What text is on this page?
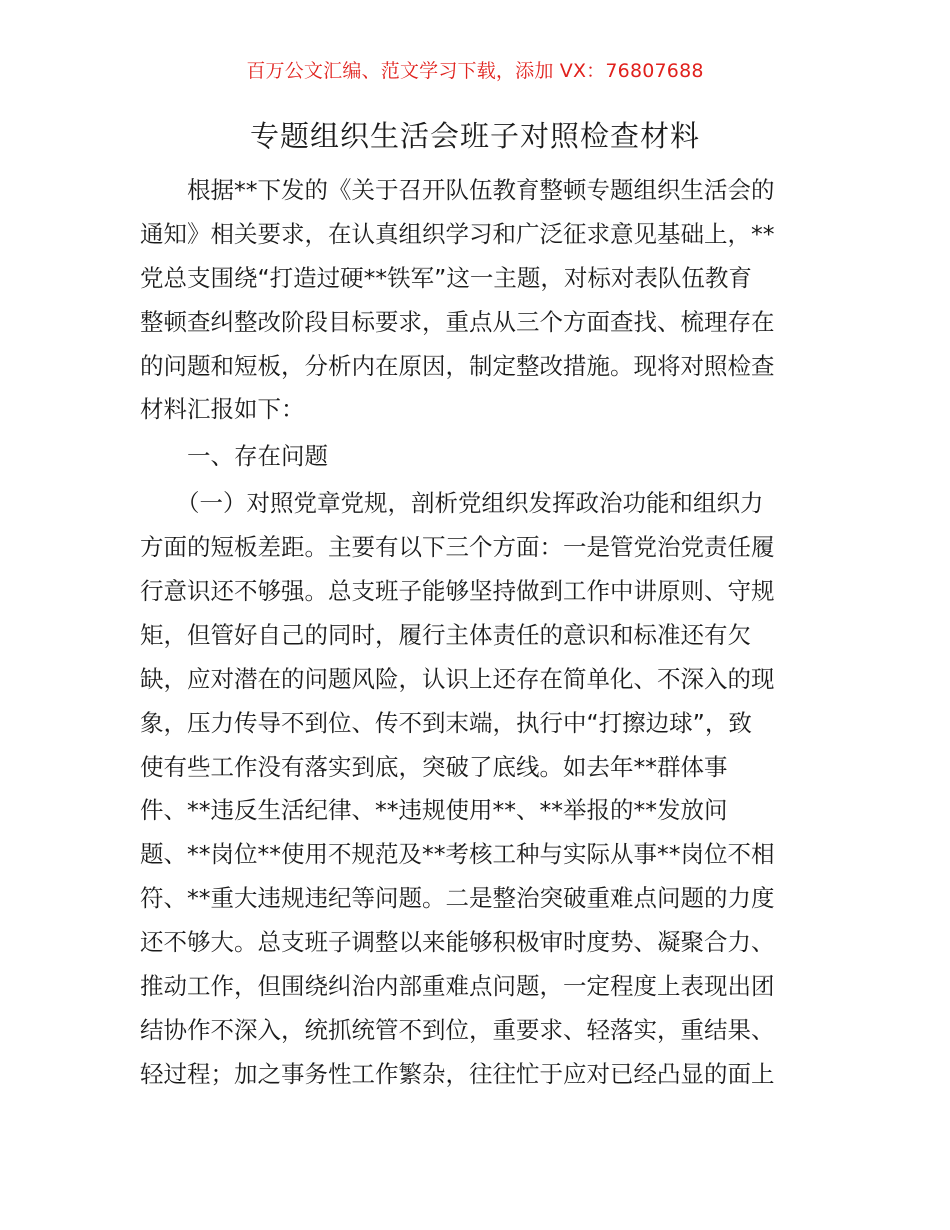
百万公文汇编、范文学习下载，添加 VX：76807688
专题组织生活会班子对照检查材料
根据**下发的《关于召开队伍教育整顿专题组织生活会的
通知》相关要求，在认真组织学习和广泛征求意见基础上，**
党总支围绕“打造过硬**铁军”这一主题，对标对表队伍教育
整顿查纠整改阶段目标要求，重点从三个方面查找、梳理存在
的问题和短板，分析内在原因，制定整改措施。现将对照检查
材料汇报如下：
一、存在问题
（一）对照党章党规，剖析党组织发挥政治功能和组织力
方面的短板差距。主要有以下三个方面：一是管党治党责任履
行意识还不够强。总支班子能够坚持做到工作中讲原则、守规
矩，但管好自己的同时，履行主体责任的意识和标准还有欠
缺，应对潜在的问题风险，认识上还存在简单化、不深入的现
象，压力传导不到位、传不到末端，执行中“打擦边球”，致
使有些工作没有落实到底，突破了底线。如去年**群体事
件、**违反生活纪律、**违规使用**、**举报的**发放问
题、**岗位**使用不规范及**考核工种与实际从事**岗位不相
符、**重大违规违纪等问题。二是整治突破重难点问题的力度
还不够大。总支班子调整以来能够积极审时度势、凝聚合力、
推动工作，但围绕纠治内部重难点问题，一定程度上表现出团
结协作不深入，统抓统管不到位，重要求、轻落实，重结果、
轻过程；加之事务性工作繁杂，往往忙于应对已经凸显的面上
